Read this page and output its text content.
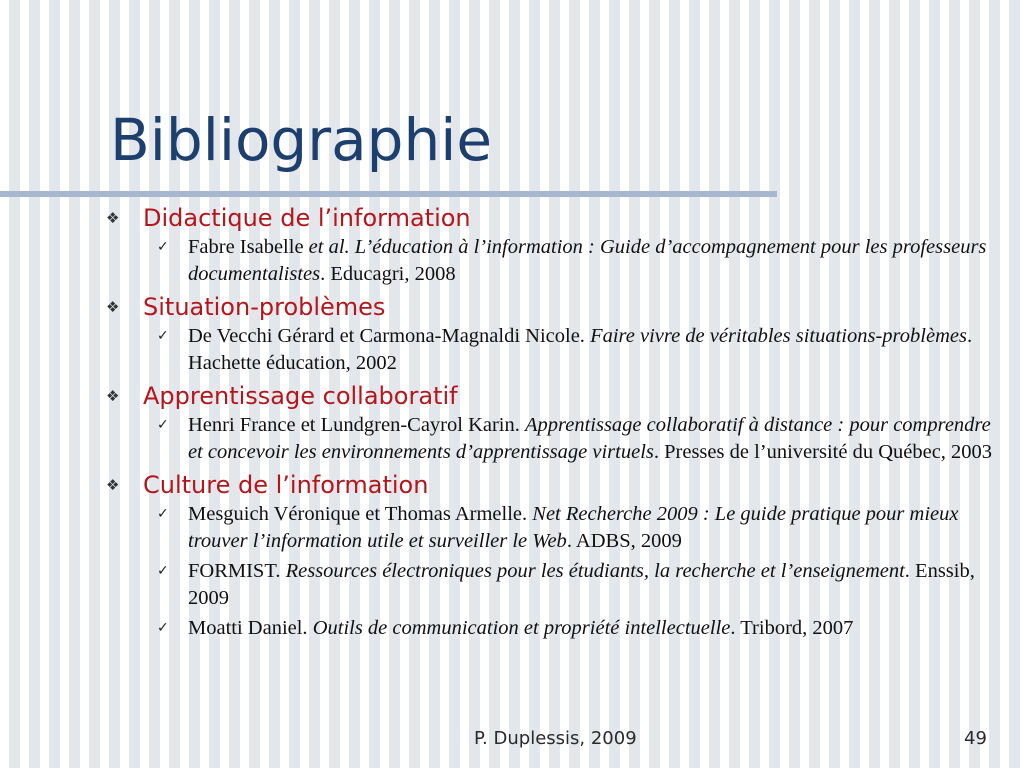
Bibliographie
❖ Didactique de l’information
✓ Fabre Isabelle et al. L’éducation à l’information : Guide d’accompagnement pour les professeurs documentalistes. Educagri, 2008
❖ Situation-problèmes
✓ De Vecchi Gérard et Carmona-Magnaldi Nicole. Faire vivre de véritables situations-problèmes. Hachette éducation, 2002
❖ Apprentissage collaboratif
✓ Henri France et Lundgren-Cayrol Karin. Apprentissage collaboratif à distance : pour comprendre et concevoir les environnements d’apprentissage virtuels. Presses de l’université du Québec, 2003
❖ Culture de l’information
✓ Mesguich Véronique et Thomas Armelle. Net Recherche 2009 : Le guide pratique pour mieux trouver l’information utile et surveiller le Web. ADBS, 2009
✓ FORMIST. Ressources électroniques pour les étudiants, la recherche et l’enseignement. Enssib, 2009
✓ Moatti Daniel. Outils de communication et propriété intellectuelle. Tribord, 2007
P. Duplessis, 2009	49
